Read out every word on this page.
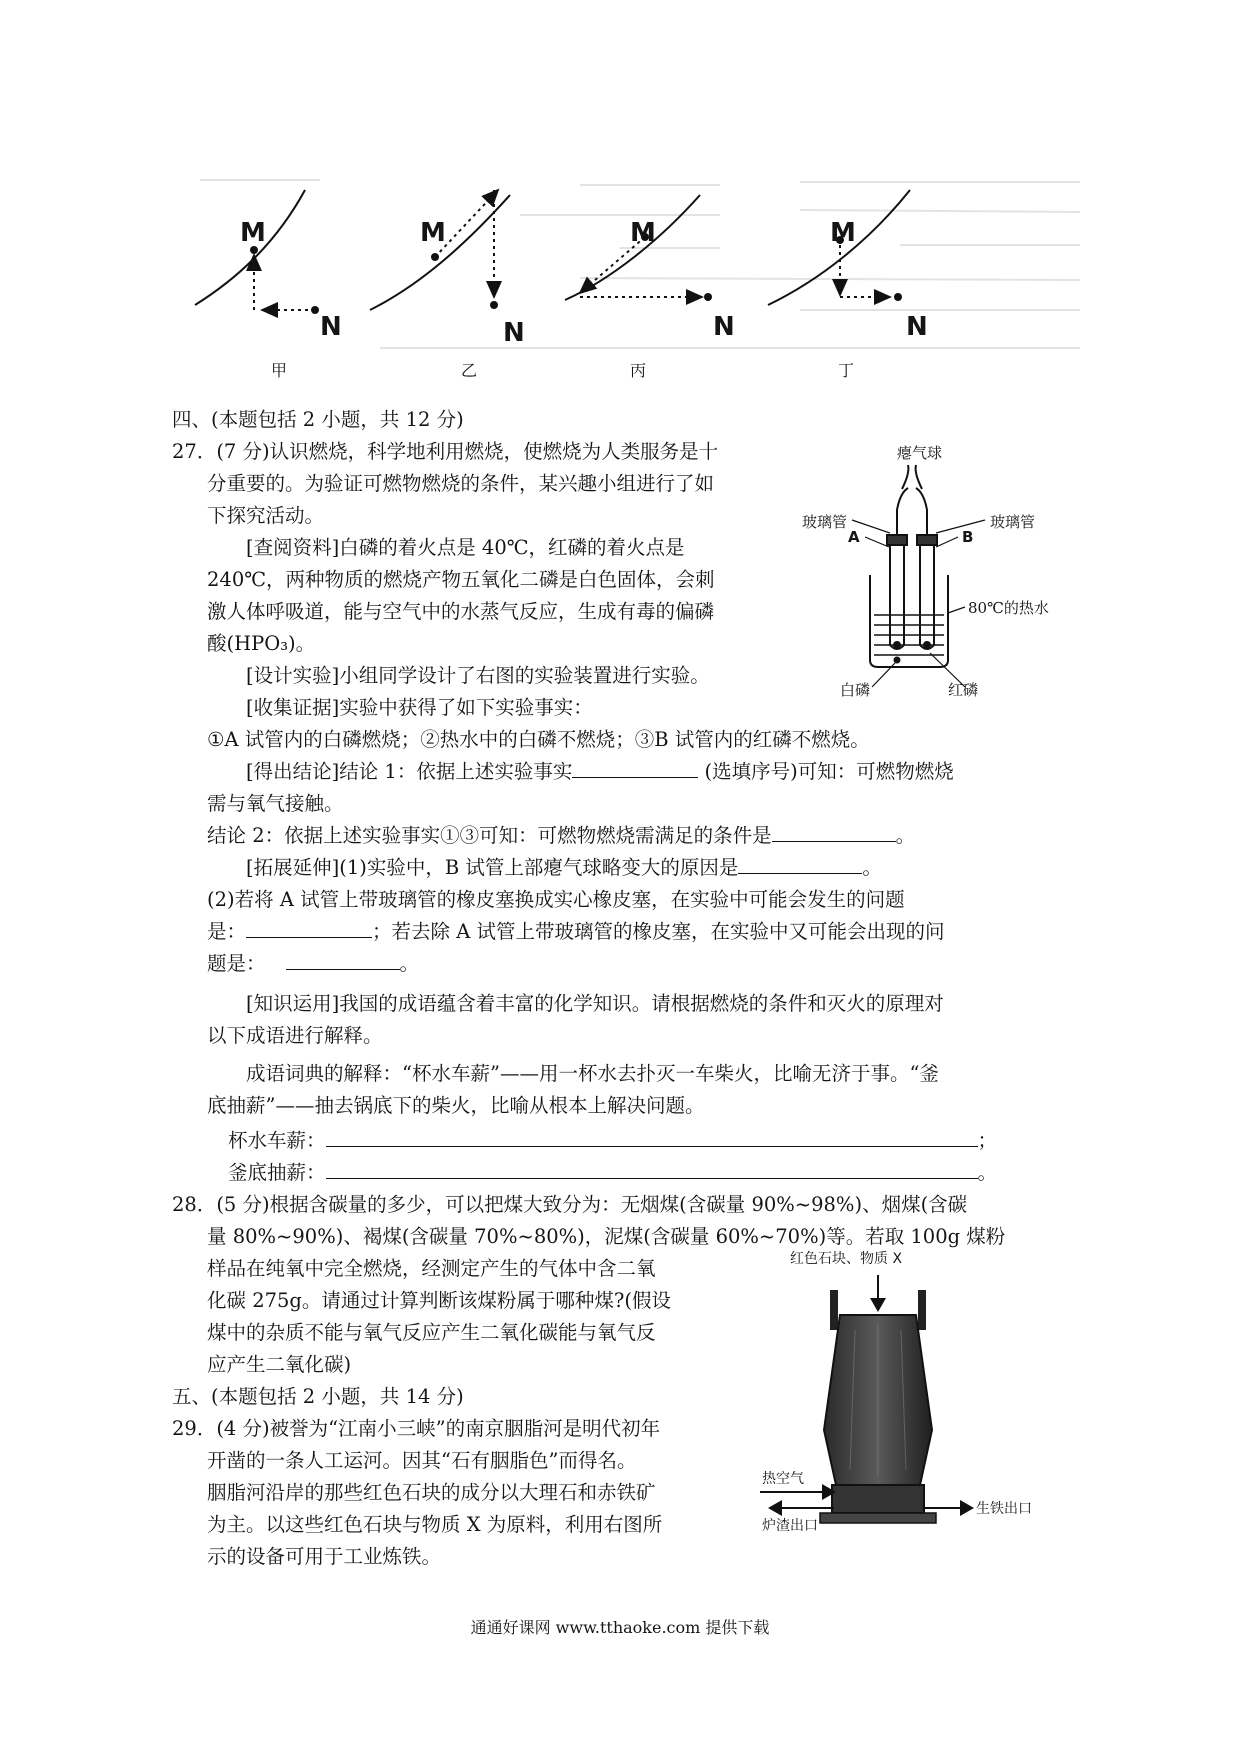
M	M	M	M
N	N	N	N
甲	乙	丙	丁
四、(本题包括 2 小题，共 12 分)
27．(7 分)认识燃烧，科学地利用燃烧，使燃烧为人类服务是十
分重要的。为验证可燃物燃烧的条件，某兴趣小组进行了如
下探究活动。
[查阅资料]白磷的着火点是 40℃，红磷的着火点是
240℃，两种物质的燃烧产物五氧化二磷是白色固体，会刺
激人体呼吸道，能与空气中的水蒸气反应，生成有毒的偏磷
酸(HPO₃)。
[设计实验]小组同学设计了右图的实验装置进行实验。
[收集证据]实验中获得了如下实验事实：
①A 试管内的白磷燃烧；②热水中的白磷不燃烧；③B 试管内的红磷不燃烧。
[得出结论]结论 1：依据上述实验事实	(选填序号)可知：可燃物燃烧
需与氧气接触。
结论 2：依据上述实验事实①③可知：可燃物燃烧需满足的条件是	。
[拓展延伸](1)实验中，B 试管上部瘪气球略变大的原因是	。
(2)若将 A 试管上带玻璃管的橡皮塞换成实心橡皮塞，在实验中可能会发生的问题
是：	；若去除 A 试管上带玻璃管的橡皮塞，在实验中又可能会出现的问
题是：	。
[知识运用]我国的成语蕴含着丰富的化学知识。请根据燃烧的条件和灭火的原理对
以下成语进行解释。
成语词典的解释：“杯水车薪”——用一杯水去扑灭一车柴火，比喻无济于事。“釜
底抽薪”——抽去锅底下的柴火，比喻从根本上解决问题。
杯水车薪：	；
釜底抽薪：	。
瘪气球
玻璃管	玻璃管
A	B
80℃的热水
白磷	红磷
28．(5 分)根据含碳量的多少，可以把煤大致分为：无烟煤(含碳量 90%~98%)、烟煤(含碳
量 80%~90%)、褐煤(含碳量 70%~80%)，泥煤(含碳量 60%~70%)等。若取 100g 煤粉
样品在纯氧中完全燃烧，经测定产生的气体中含二氧
化碳 275g。请通过计算判断该煤粉属于哪种煤?(假设
煤中的杂质不能与氧气反应产生二氧化碳能与氧气反
应产生二氧化碳)
五、(本题包括 2 小题，共 14 分)
29．(4 分)被誉为“江南小三峡”的南京胭脂河是明代初年
开凿的一条人工运河。因其“石有胭脂色”而得名。
胭脂河沿岸的那些红色石块的成分以大理石和赤铁矿
为主。以这些红色石块与物质 X 为原料，利用右图所
示的设备可用于工业炼铁。
红色石块、物质 X
热空气
炉渣出口
生铁出口
通通好课网 www.tthaoke.com 提供下载
